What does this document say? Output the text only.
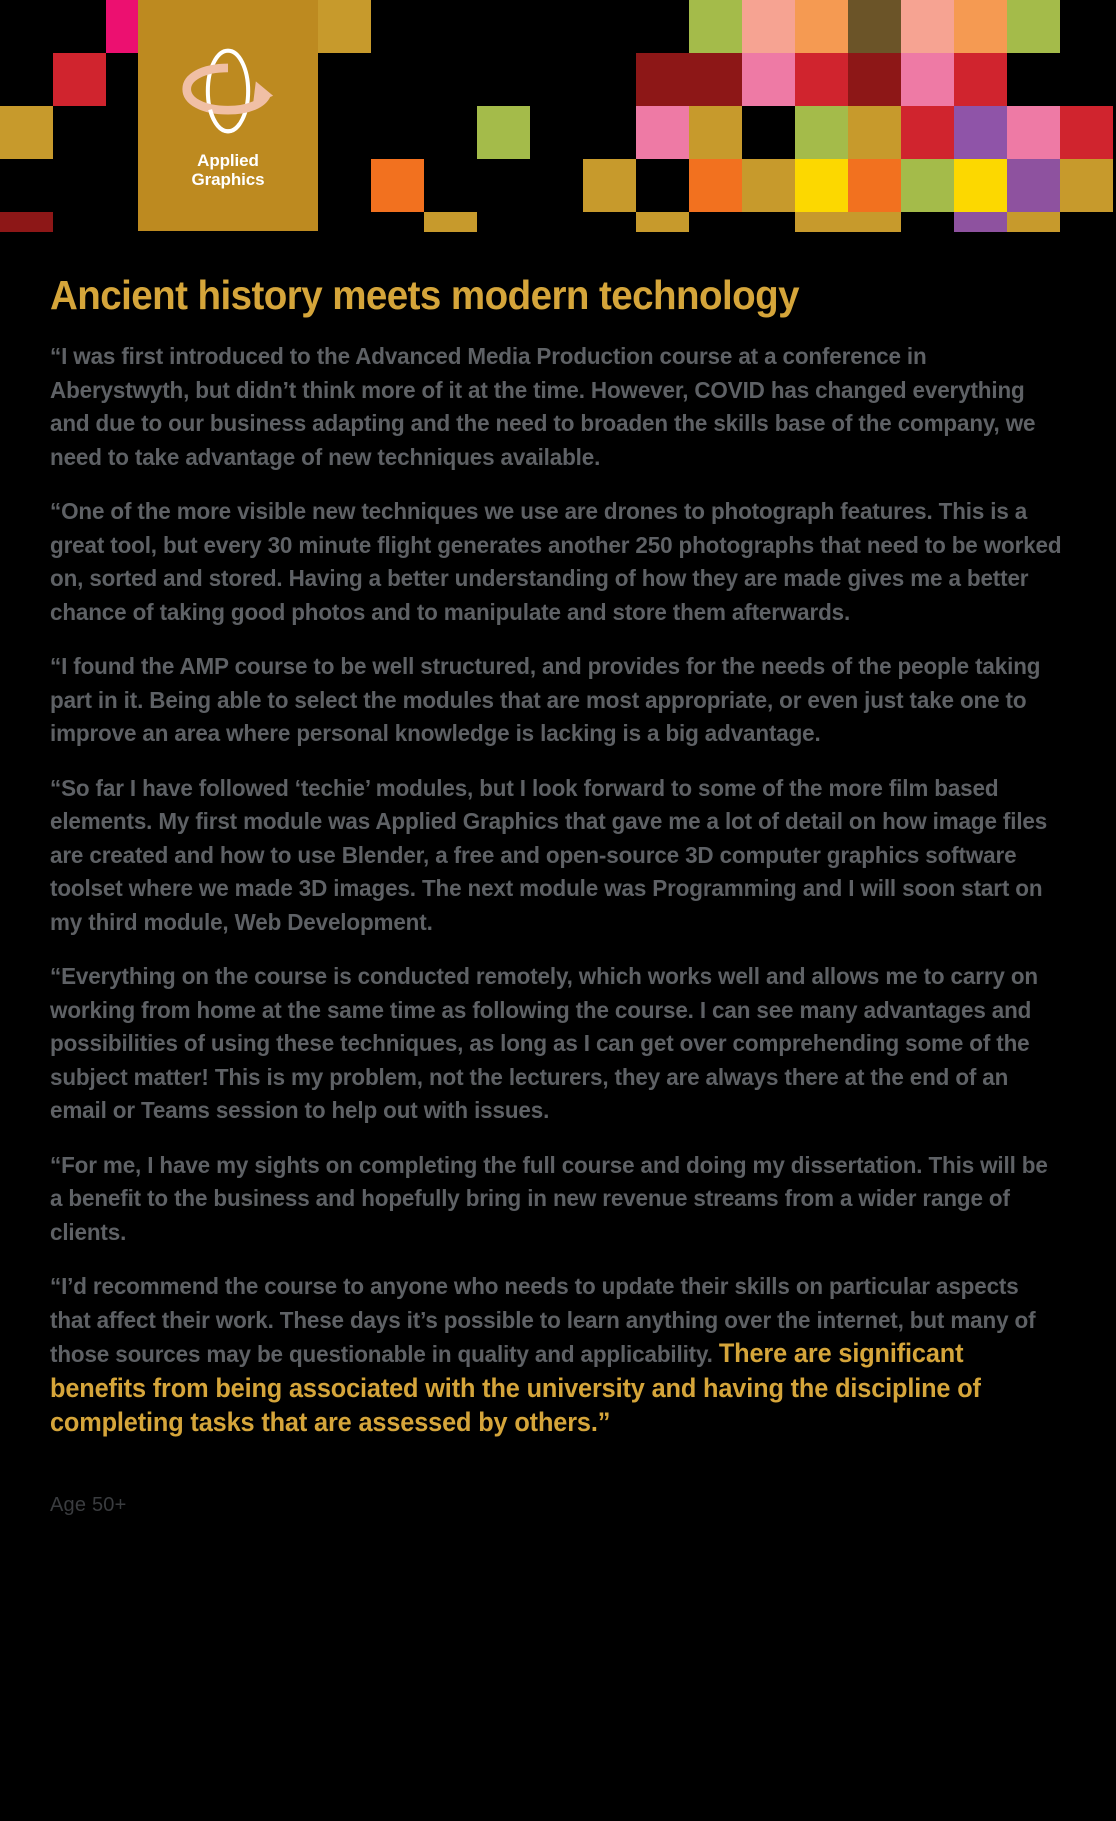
Applied
Graphics
Ancient history meets modern technology

“I was first introduced to the Advanced Media Production course at a conference in Aberystwyth, but didn’t think more of it at the time. However, COVID has changed everything and due to our business adapting and the need to broaden the skills base of the company, we need to take advantage of new techniques available.

“One of the more visible new techniques we use are drones to photograph features. This is a great tool, but every 30 minute flight generates another 250 photographs that need to be worked on, sorted and stored. Having a better understanding of how they are made gives me a better chance of taking good photos and to manipulate and store them afterwards.

“I found the AMP course to be well structured, and provides for the needs of the people taking part in it. Being able to select the modules that are most appropriate, or even just take one to improve an area where personal knowledge is lacking is a big advantage.

“So far I have followed ‘techie’ modules, but I look forward to some of the more film based elements. My first module was Applied Graphics that gave me a lot of detail on how image files are created and how to use Blender, a free and open-source 3D computer graphics software toolset where we made 3D images. The next module was Programming and I will soon start on my third module, Web Development.

“Everything on the course is conducted remotely, which works well and allows me to carry on working from home at the same time as following the course. I can see many advantages and possibilities of using these techniques, as long as I can get over comprehending some of the subject matter! This is my problem, not the lecturers, they are always there at the end of an email or Teams session to help out with issues.

“For me, I have my sights on completing the full course and doing my dissertation. This will be a benefit to the business and hopefully bring in new revenue streams from a wider range of clients.

“I’d recommend the course to anyone who needs to update their skills on particular aspects that affect their work. These days it’s possible to learn anything over the internet, but many of those sources may be questionable in quality and applicability. There are significant benefits from being associated with the university and having the discipline of completing tasks that are assessed by others.”

Age 50+
